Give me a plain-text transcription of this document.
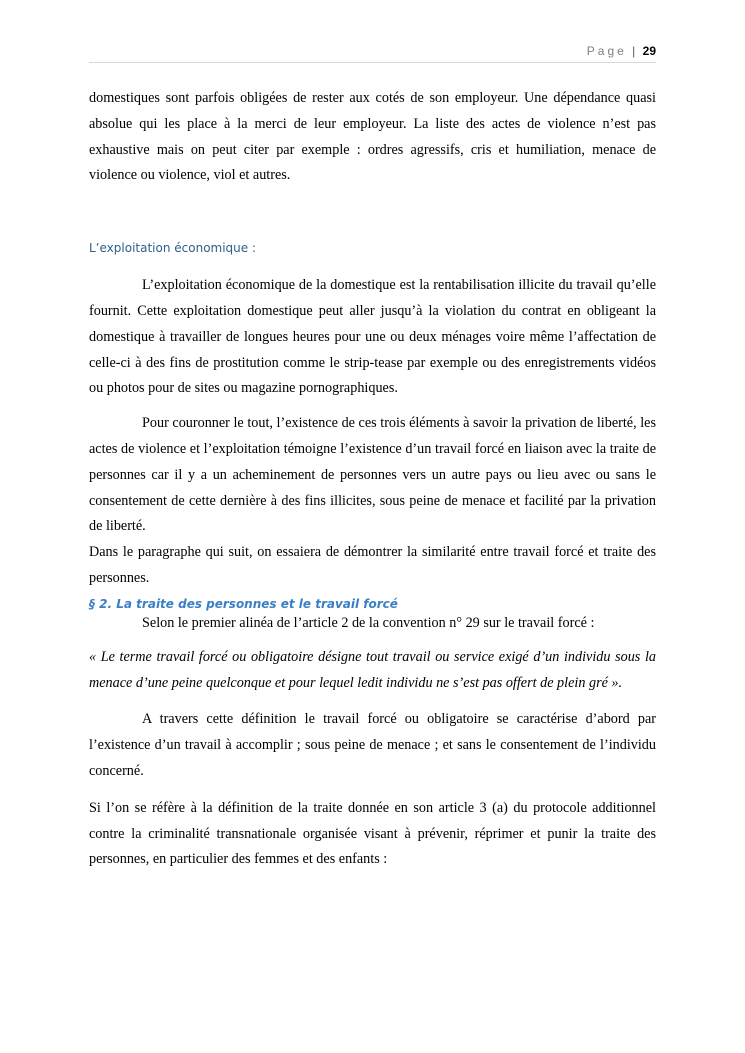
Page | 29

domestiques sont parfois obligées de rester aux cotés de son employeur. Une dépendance quasi absolue qui les place à la merci de leur employeur. La liste des actes de violence n’est pas exhaustive mais on peut citer par exemple : ordres agressifs, cris et humiliation, menace de violence ou violence, viol et autres.

L’exploitation économique :

L’exploitation économique de la domestique est la rentabilisation illicite du travail qu’elle fournit. Cette exploitation domestique peut aller jusqu’à la violation du contrat en obligeant la domestique à travailler de longues heures pour une ou deux ménages voire même l’affectation de celle-ci à des fins de prostitution comme le strip-tease par exemple ou des enregistrements vidéos ou photos pour de sites ou magazine pornographiques.

Pour couronner le tout, l’existence de ces trois éléments à savoir la privation de liberté, les actes de violence et l’exploitation témoigne l’existence d’un travail forcé en liaison avec la traite de personnes car il y a un acheminement de personnes vers un autre pays ou lieu avec ou sans le consentement de cette dernière à des fins illicites, sous peine de menace et facilité par la privation de liberté.

Dans le paragraphe qui suit, on essaiera de démontrer la similarité entre travail forcé et traite des personnes.

§ 2. La traite des personnes et le travail forcé

Selon le premier alinéa de l’article 2 de la convention n° 29 sur le travail forcé :

« Le terme travail forcé ou obligatoire désigne tout travail ou service exigé d’un individu sous la menace d’une peine quelconque et pour lequel ledit individu ne s’est pas offert de plein gré ».

A travers cette définition le travail forcé ou obligatoire se caractérise d’abord par l’existence d’un travail à accomplir ; sous peine de menace ; et sans le consentement de l’individu concerné.

Si l’on se réfère à la définition de la traite donnée en son article 3 (a) du protocole additionnel contre la criminalité transnationale organisée visant à prévenir, réprimer et punir la traite des personnes, en particulier des femmes et des enfants :
